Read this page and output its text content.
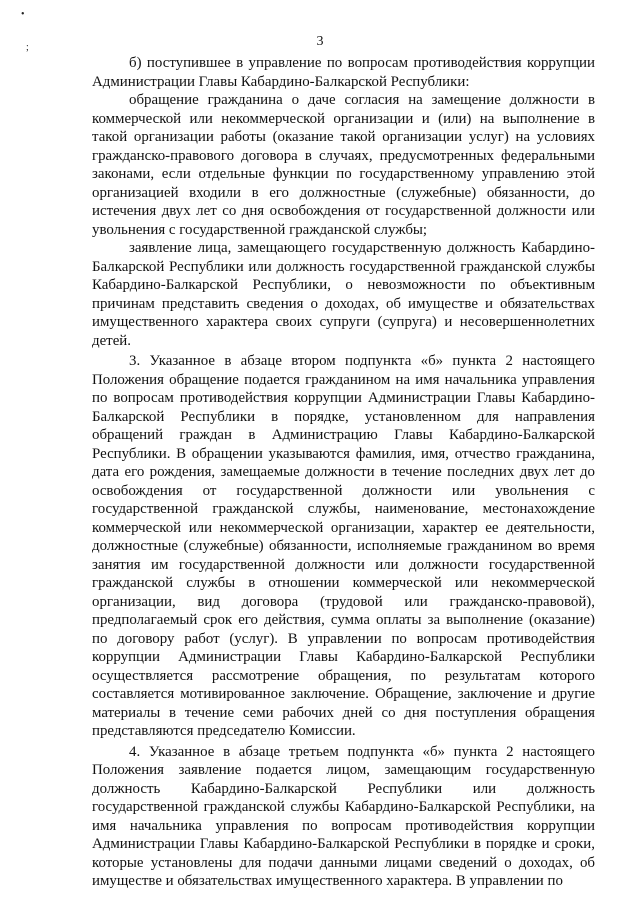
•
;	3

б) поступившее в управление по вопросам противодействия коррупции Администрации Главы Кабардино-Балкарской Республики:

обращение гражданина о даче согласия на замещение должности в коммерческой или некоммерческой организации и (или) на выполнение в такой организации работы (оказание такой организации услуг) на условиях гражданско-правового договора в случаях, предусмотренных федеральными законами, если отдельные функции по государственному управлению этой организацией входили в его должностные (служебные) обязанности, до истечения двух лет со дня освобождения от государственной должности или увольнения с государственной гражданской службы;

заявление лица, замещающего государственную должность Кабардино-Балкарской Республики или должность государственной гражданской службы Кабардино-Балкарской Республики, о невозможности по объективным причинам представить сведения о доходах, об имуществе и обязательствах имущественного характера своих супруги (супруга) и несовершеннолетних детей.

3. Указанное в абзаце втором подпункта «б» пункта 2 настоящего Положения обращение подается гражданином на имя начальника управления по вопросам противодействия коррупции Администрации Главы Кабардино-Балкарской Республики в порядке, установленном для направления обращений граждан в Администрацию Главы Кабардино-Балкарской Республики. В обращении указываются фамилия, имя, отчество гражданина, дата его рождения, замещаемые должности в течение последних двух лет до освобождения от государственной должности или увольнения с государственной гражданской службы, наименование, местонахождение коммерческой или некоммерческой организации, характер ее деятельности, должностные (служебные) обязанности, исполняемые гражданином во время занятия им государственной должности или должности государственной гражданской службы в отношении коммерческой или некоммерческой организации, вид договора (трудовой или гражданско-правовой), предполагаемый срок его действия, сумма оплаты за выполнение (оказание) по договору работ (услуг). В управлении по вопросам противодействия коррупции Администрации Главы Кабардино-Балкарской Республики осуществляется рассмотрение обращения, по результатам которого составляется мотивированное заключение. Обращение, заключение и другие материалы в течение семи рабочих дней со дня поступления обращения представляются председателю Комиссии.

4. Указанное в абзаце третьем подпункта «б» пункта 2 настоящего Положения заявление подается лицом, замещающим государственную должность Кабардино-Балкарской Республики или должность государственной гражданской службы Кабардино-Балкарской Республики, на имя начальника управления по вопросам противодействия коррупции Администрации Главы Кабардино-Балкарской Республики в порядке и сроки, которые установлены для подачи данными лицами сведений о доходах, об имуществе и обязательствах имущественного характера. В управлении по
